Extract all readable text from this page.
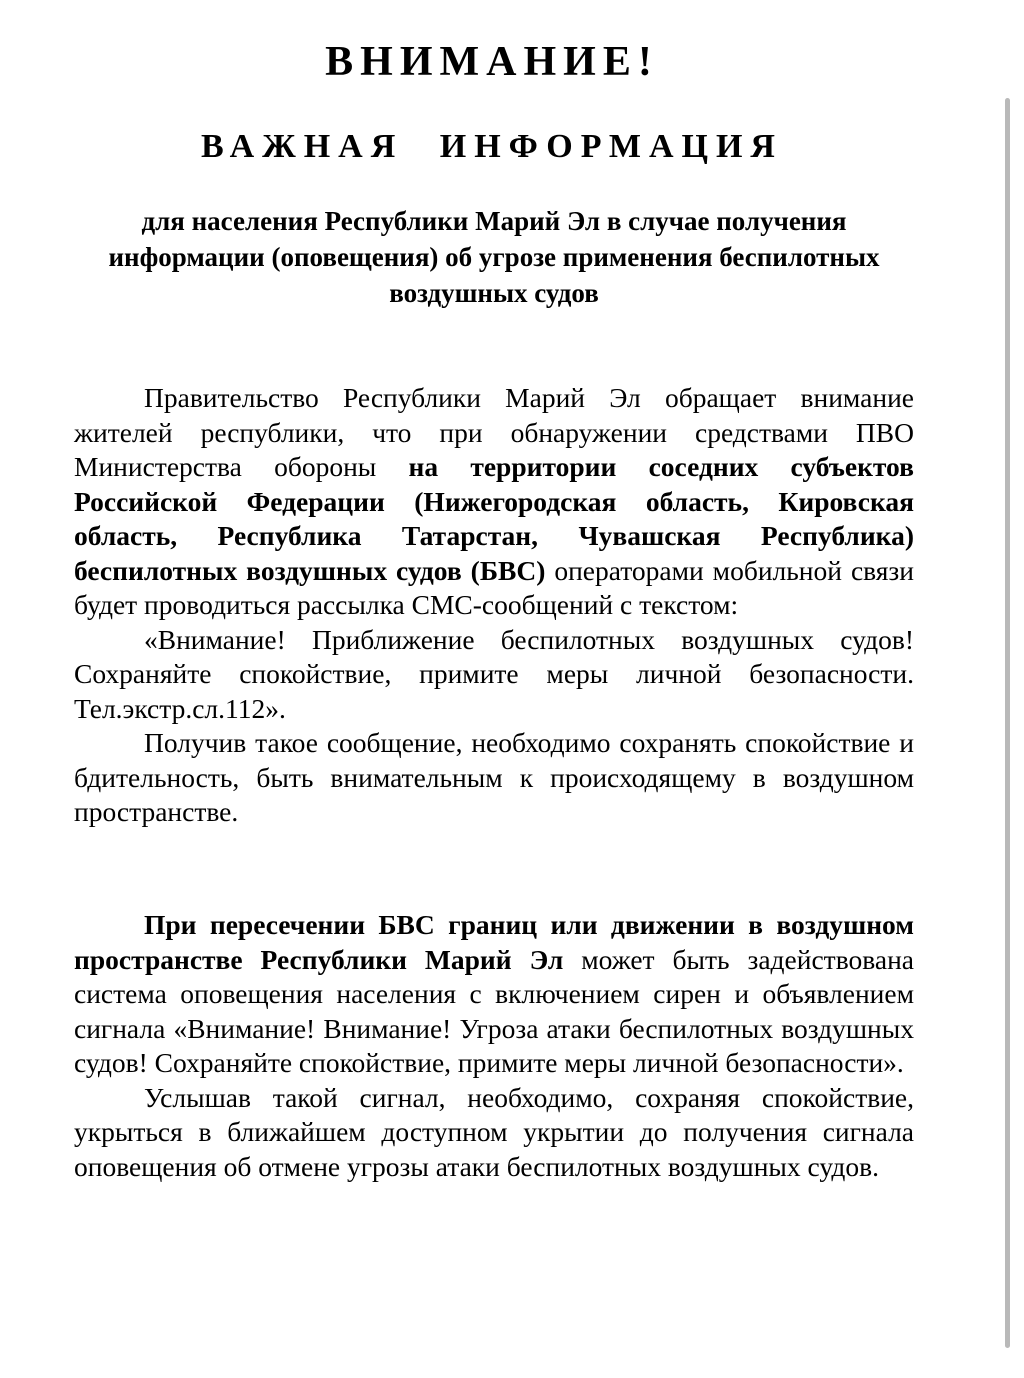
ВНИМАНИЕ!
ВАЖНАЯ ИНФОРМАЦИЯ
для населения Республики Марий Эл в случае получения информации (оповещения) об угрозе применения беспилотных воздушных судов

Правительство Республики Марий Эл обращает внимание жителей республики, что при обнаружении средствами ПВО Министерства обороны на территории соседних субъектов Российской Федерации (Нижегородская область, Кировская область, Республика Татарстан, Чувашская Республика) беспилотных воздушных судов (БВС) операторами мобильной связи будет проводиться рассылка СМС-сообщений с текстом:

«Внимание! Приближение беспилотных воздушных судов! Сохраняйте спокойствие, примите меры личной безопасности. Тел.экстр.сл.112».

Получив такое сообщение, необходимо сохранять спокойствие и бдительность, быть внимательным к происходящему в воздушном пространстве.

При пересечении БВС границ или движении в воздушном пространстве Республики Марий Эл может быть задействована система оповещения населения с включением сирен и объявлением сигнала «Внимание! Внимание! Угроза атаки беспилотных воздушных судов! Сохраняйте спокойствие, примите меры личной безопасности».

Услышав такой сигнал, необходимо, сохраняя спокойствие, укрыться в ближайшем доступном укрытии до получения сигнала оповещения об отмене угрозы атаки беспилотных воздушных судов.
